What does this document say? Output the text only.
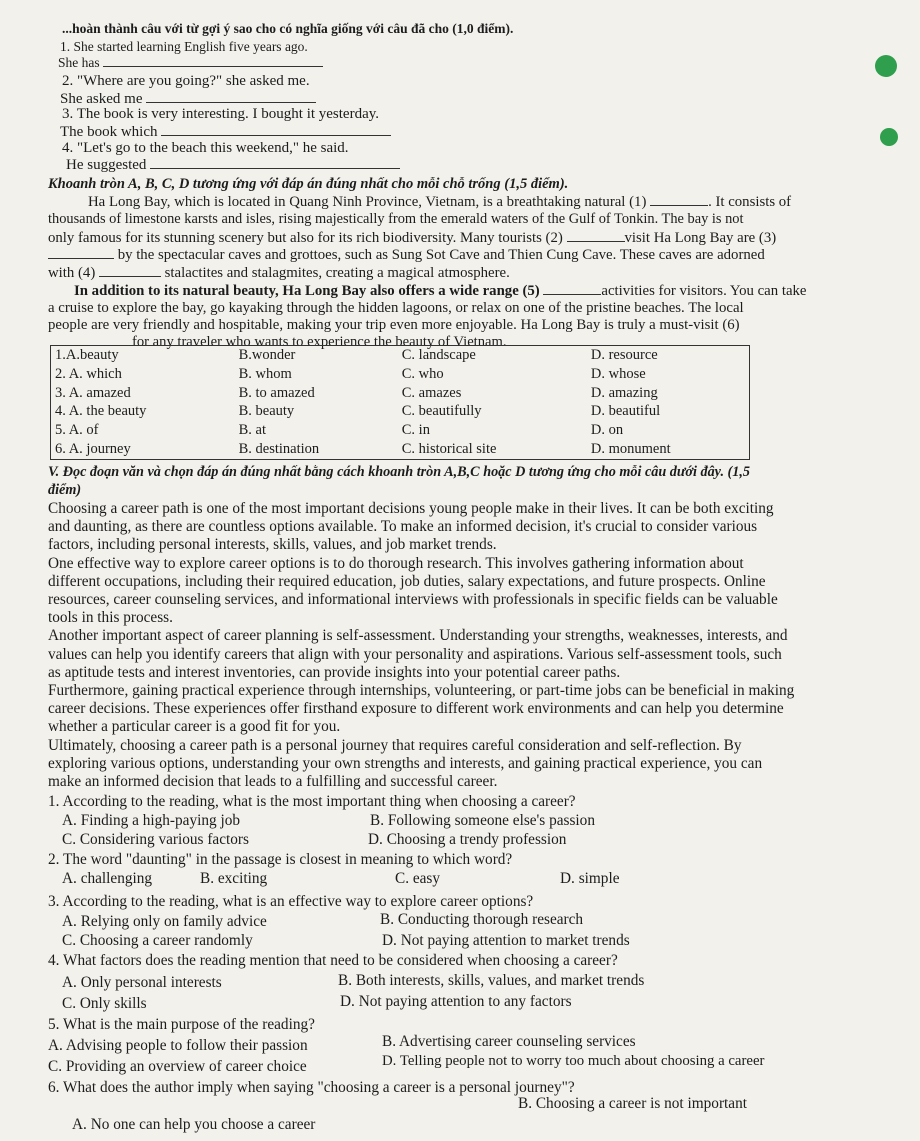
...hoàn thành câu với từ gợi ý sao cho có nghĩa giống với câu đã cho (1,0 điểm).
1. She started learning English five years ago.
She has
2. "Where are you going?" she asked me.
She asked me
3. The book is very interesting. I bought it yesterday.
The book which
4. "Let's go to the beach this weekend," he said.
He suggested
Khoanh tròn A, B, C, D tương ứng với đáp án đúng nhất cho mỗi chỗ trống (1,5 điểm).
Ha Long Bay, which is located in Quang Ninh Province, Vietnam, is a breathtaking natural (1)	. It consists of
thousands of limestone karsts and isles, rising majestically from the emerald waters of the Gulf of Tonkin. The bay is not
only famous for its stunning scenery but also for its rich biodiversity. Many tourists (2)	visit Ha Long Bay are (3)
by the spectacular caves and grottoes, such as Sung Sot Cave and Thien Cung Cave. These caves are adorned
with (4)	stalactites and stalagmites, creating a magical atmosphere.
In addition to its natural beauty, Ha Long Bay also offers a wide range (5)	activities for visitors. You can take
a cruise to explore the bay, go kayaking through the hidden lagoons, or relax on one of the pristine beaches. The local
people are very friendly and hospitable, making your trip even more enjoyable. Ha Long Bay is truly a must-visit (6)
for any traveler who wants to experience the beauty of Vietnam.
1.A.beauty	B.wonder	C. landscape	D. resource
2. A. which	B. whom	C. who	D. whose
3. A. amazed	B. to amazed	C. amazes	D. amazing
4. A. the beauty	B. beauty	C. beautifully	D. beautiful
5. A. of	B. at	C. in	D. on
6. A. journey	B. destination	C. historical site	D. monument
V. Đọc đoạn văn và chọn đáp án đúng nhất bằng cách khoanh tròn A,B,C hoặc D tương ứng cho mỗi câu dưới đây. (1,5
điểm)
Choosing a career path is one of the most important decisions young people make in their lives. It can be both exciting
and daunting, as there are countless options available. To make an informed decision, it's crucial to consider various
factors, including personal interests, skills, values, and job market trends.
One effective way to explore career options is to do thorough research. This involves gathering information about
different occupations, including their required education, job duties, salary expectations, and future prospects. Online
resources, career counseling services, and informational interviews with professionals in specific fields can be valuable
tools in this process.
Another important aspect of career planning is self-assessment. Understanding your strengths, weaknesses, interests, and
values can help you identify careers that align with your personality and aspirations. Various self-assessment tools, such
as aptitude tests and interest inventories, can provide insights into your potential career paths.
Furthermore, gaining practical experience through internships, volunteering, or part-time jobs can be beneficial in making
career decisions. These experiences offer firsthand exposure to different work environments and can help you determine
whether a particular career is a good fit for you.
Ultimately, choosing a career path is a personal journey that requires careful consideration and self-reflection. By
exploring various options, understanding your own strengths and interests, and gaining practical experience, you can
make an informed decision that leads to a fulfilling and successful career.
1. According to the reading, what is the most important thing when choosing a career?
A. Finding a high-paying job	B. Following someone else's passion
C. Considering various factors	D. Choosing a trendy profession
2. The word "daunting" in the passage is closest in meaning to which word?
A. challenging	B. exciting	C. easy	D. simple
3. According to the reading, what is an effective way to explore career options?
A. Relying only on family advice	B. Conducting thorough research
C. Choosing a career randomly	D. Not paying attention to market trends
4. What factors does the reading mention that need to be considered when choosing a career?
A. Only personal interests	B. Both interests, skills, values, and market trends
C. Only skills	D. Not paying attention to any factors
5. What is the main purpose of the reading?
A. Advising people to follow their passion	B. Advertising career counseling services
C. Providing an overview of career choice	D. Telling people not to worry too much about choosing a career
6. What does the author imply when saying "choosing a career is a personal journey"?
B. Choosing a career is not important
A. No one can help you choose a career
